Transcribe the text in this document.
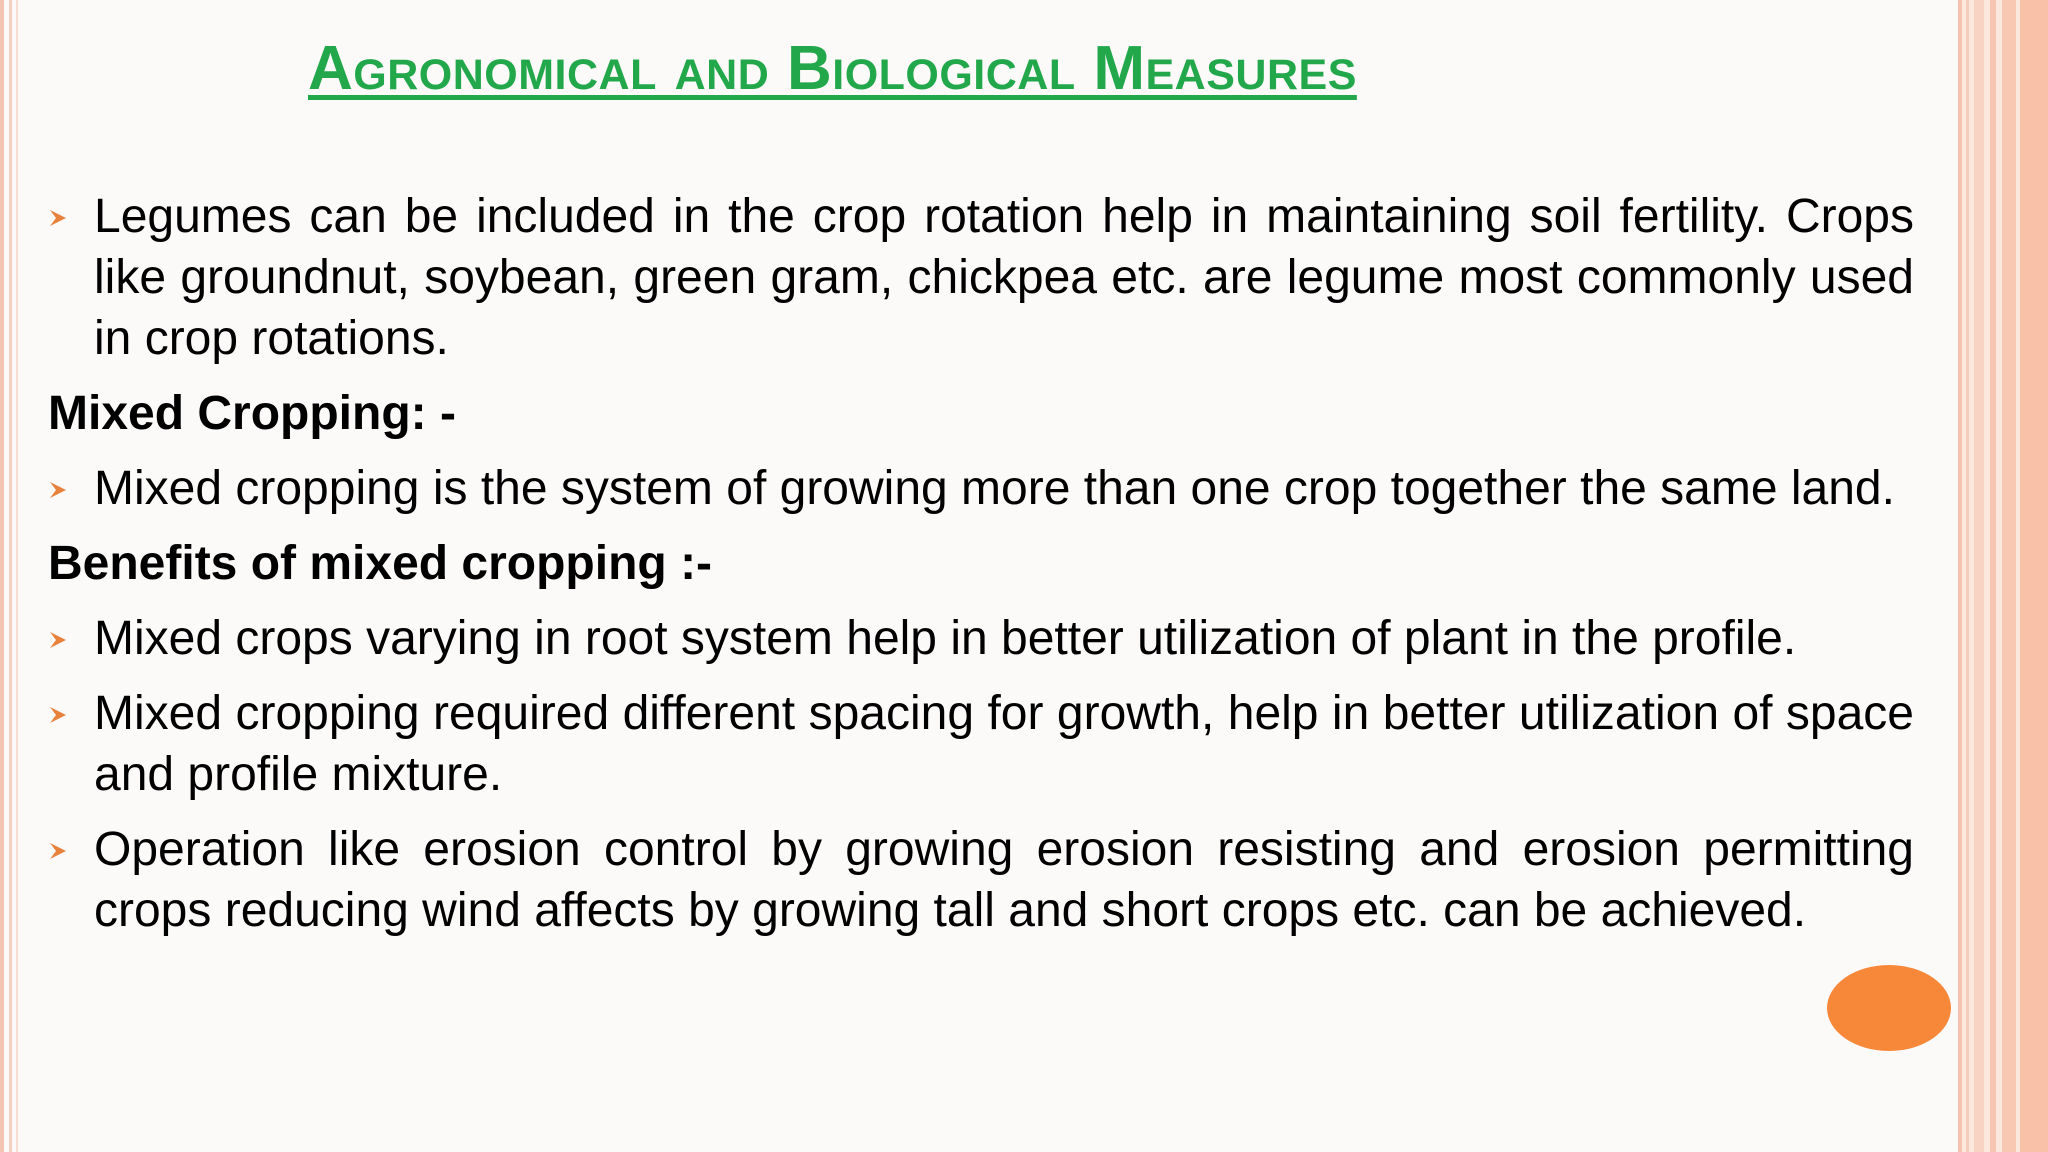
Agronomical and Biological Measures
Legumes can be included in the crop rotation help in maintaining soil fertility. Crops like groundnut, soybean, green gram, chickpea etc. are legume most commonly used in crop rotations.
Mixed Cropping: -
Mixed cropping is the system of growing more than one crop together the same land.
Benefits of mixed cropping :-
Mixed crops varying in root system help in better utilization of plant in the profile.
Mixed cropping required different spacing for growth, help in better utilization of space and profile mixture.
Operation like erosion control by growing erosion resisting and erosion permitting crops reducing wind affects by growing tall and short crops etc. can be achieved.
